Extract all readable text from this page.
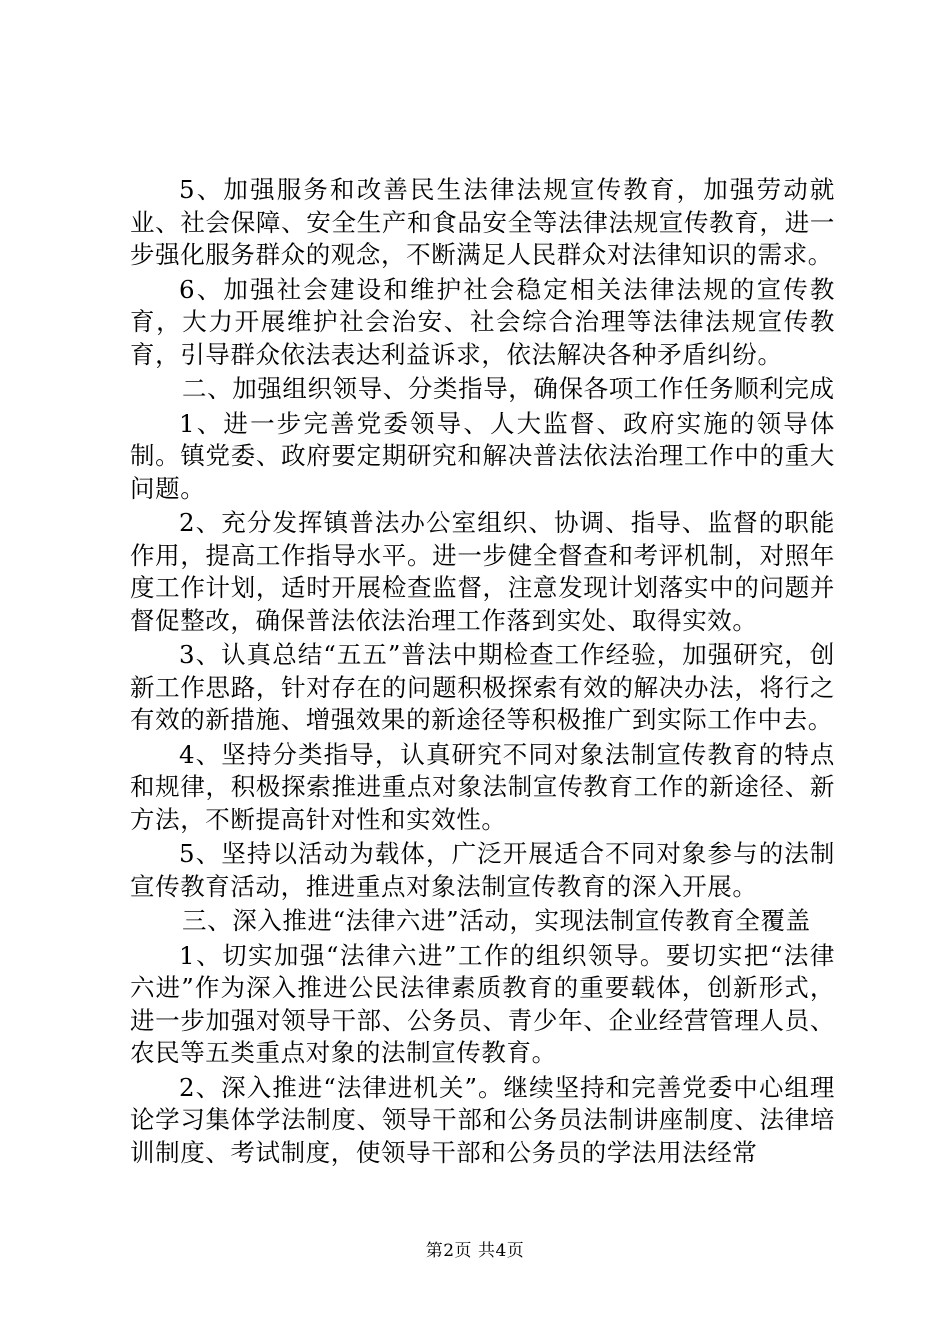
5、加强服务和改善民生法律法规宣传教育，加强劳动就业、社会保障、安全生产和食品安全等法律法规宣传教育，进一步强化服务群众的观念，不断满足人民群众对法律知识的需求。

6、加强社会建设和维护社会稳定相关法律法规的宣传教育，大力开展维护社会治安、社会综合治理等法律法规宣传教育，引导群众依法表达利益诉求，依法解决各种矛盾纠纷。

二、加强组织领导、分类指导，确保各项工作任务顺利完成

1、进一步完善党委领导、人大监督、政府实施的领导体制。镇党委、政府要定期研究和解决普法依法治理工作中的重大问题。

2、充分发挥镇普法办公室组织、协调、指导、监督的职能作用，提高工作指导水平。进一步健全督查和考评机制，对照年度工作计划，适时开展检查监督，注意发现计划落实中的问题并督促整改，确保普法依法治理工作落到实处、取得实效。

3、认真总结“五五”普法中期检查工作经验，加强研究，创新工作思路，针对存在的问题积极探索有效的解决办法，将行之有效的新措施、增强效果的新途径等积极推广到实际工作中去。

4、坚持分类指导，认真研究不同对象法制宣传教育的特点和规律，积极探索推进重点对象法制宣传教育工作的新途径、新方法，不断提高针对性和实效性。

5、坚持以活动为载体，广泛开展适合不同对象参与的法制宣传教育活动，推进重点对象法制宣传教育的深入开展。

三、深入推进“法律六进”活动，实现法制宣传教育全覆盖

1、切实加强“法律六进”工作的组织领导。要切实把“法律六进”作为深入推进公民法律素质教育的重要载体，创新形式，进一步加强对领导干部、公务员、青少年、企业经营管理人员、农民等五类重点对象的法制宣传教育。

2、深入推进“法律进机关”。继续坚持和完善党委中心组理论学习集体学法制度、领导干部和公务员法制讲座制度、法律培训制度、考试制度，使领导干部和公务员的学法用法经常

第2页 共4页
